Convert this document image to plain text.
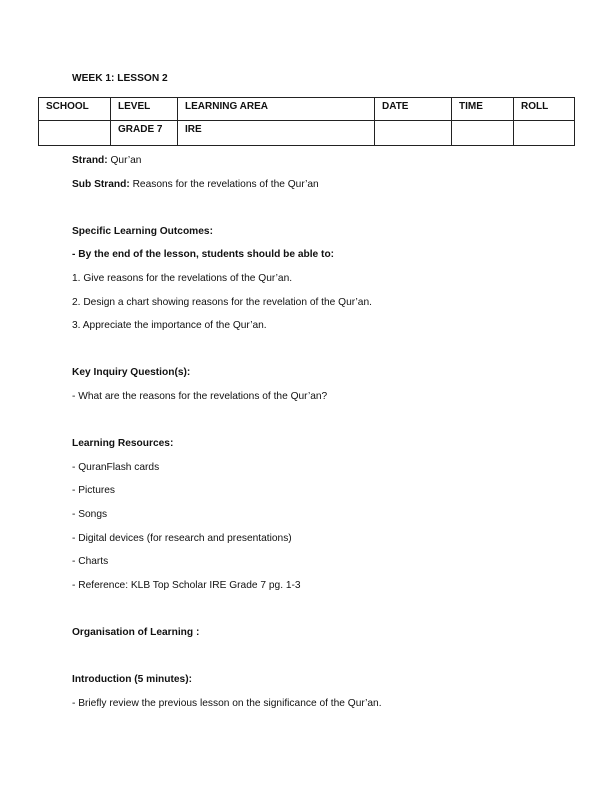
WEEK 1: LESSON 2
SCHOOL	LEVEL	LEARNING AREA	DATE	TIME	ROLL
	GRADE 7	IRE			
Strand: Qur’an
Sub Strand: Reasons for the revelations of the Qur’an
Specific Learning Outcomes:
- By the end of the lesson, students should be able to:
1. Give reasons for the revelations of the Qur’an.
2. Design a chart showing reasons for the revelation of the Qur’an.
3. Appreciate the importance of the Qur’an.
Key Inquiry Question(s):
- What are the reasons for the revelations of the Qur’an?
Learning Resources:
- QuranFlash cards
- Pictures
- Songs
- Digital devices (for research and presentations)
- Charts
- Reference: KLB Top Scholar IRE Grade 7 pg. 1-3
Organisation of Learning :
Introduction (5 minutes):
- Briefly review the previous lesson on the significance of the Qur’an.
